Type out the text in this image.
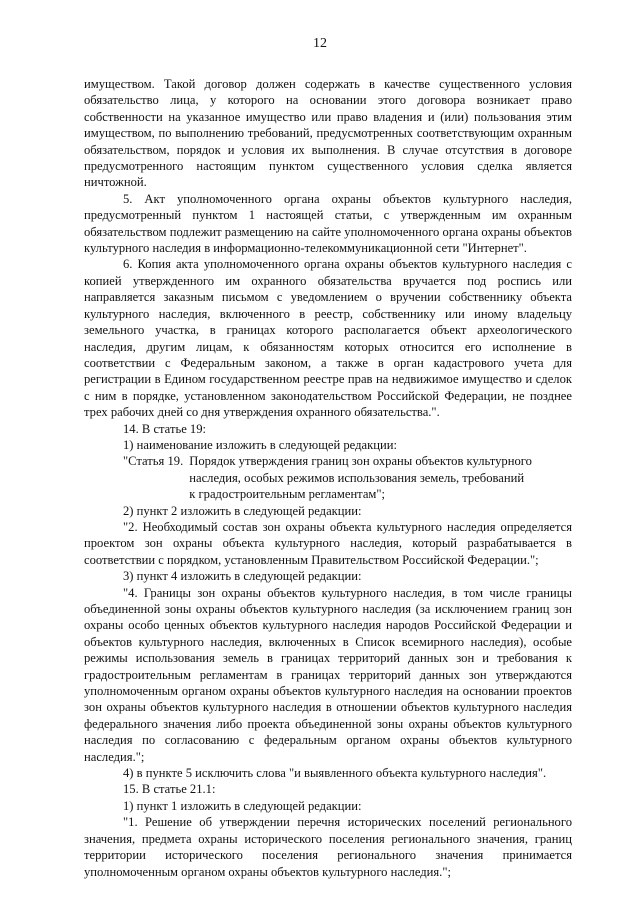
12

имуществом. Такой договор должен содержать в качестве существенного условия обязательство лица, у которого на основании этого договора возникает право собственности на указанное имущество или право владения и (или) пользования этим имуществом, по выполнению требований, предусмотренных соответствующим охранным обязательством, порядок и условия их выполнения. В случае отсутствия в договоре предусмотренного настоящим пунктом существенного условия сделка является ничтожной.

5. Акт уполномоченного органа охраны объектов культурного наследия, предусмотренный пунктом 1 настоящей статьи, с утвержденным им охранным обязательством подлежит размещению на сайте уполномоченного органа охраны объектов культурного наследия в информационно-телекоммуникационной сети "Интернет".

6. Копия акта уполномоченного органа охраны объектов культурного наследия с копией утвержденного им охранного обязательства вручается под роспись или направляется заказным письмом с уведомлением о вручении собственнику объекта культурного наследия, включенного в реестр, собственнику или иному владельцу земельного участка, в границах которого располагается объект археологического наследия, другим лицам, к обязанностям которых относится его исполнение в соответствии с Федеральным законом, а также в орган кадастрового учета для регистрации в Едином государственном реестре прав на недвижимое имущество и сделок с ним в порядке, установленном законодательством Российской Федерации, не позднее трех рабочих дней со дня утверждения охранного обязательства.".

14. В статье 19:

1) наименование изложить в следующей редакции:

"Статья 19. Порядок утверждения границ зон охраны объектов культурного
наследия, особых режимов использования земель, требований
к градостроительным регламентам";

2) пункт 2 изложить в следующей редакции:

"2. Необходимый состав зон охраны объекта культурного наследия определяется проектом зон охраны объекта культурного наследия, который разрабатывается в соответствии с порядком, установленным Правительством Российской Федерации.";

3) пункт 4 изложить в следующей редакции:

"4. Границы зон охраны объектов культурного наследия, в том числе границы объединенной зоны охраны объектов культурного наследия (за исключением границ зон охраны особо ценных объектов культурного наследия народов Российской Федерации и объектов культурного наследия, включенных в Список всемирного наследия), особые режимы использования земель в границах территорий данных зон и требования к градостроительным регламентам в границах территорий данных зон утверждаются уполномоченным органом охраны объектов культурного наследия на основании проектов зон охраны объектов культурного наследия в отношении объектов культурного наследия федерального значения либо проекта объединенной зоны охраны объектов культурного наследия по согласованию с федеральным органом охраны объектов культурного наследия.";

4) в пункте 5 исключить слова "и выявленного объекта культурного наследия".

15. В статье 21.1:

1) пункт 1 изложить в следующей редакции:

"1. Решение об утверждении перечня исторических поселений регионального значения, предмета охраны исторического поселения регионального значения, границ территории исторического поселения регионального значения принимается уполномоченным органом охраны объектов культурного наследия.";
